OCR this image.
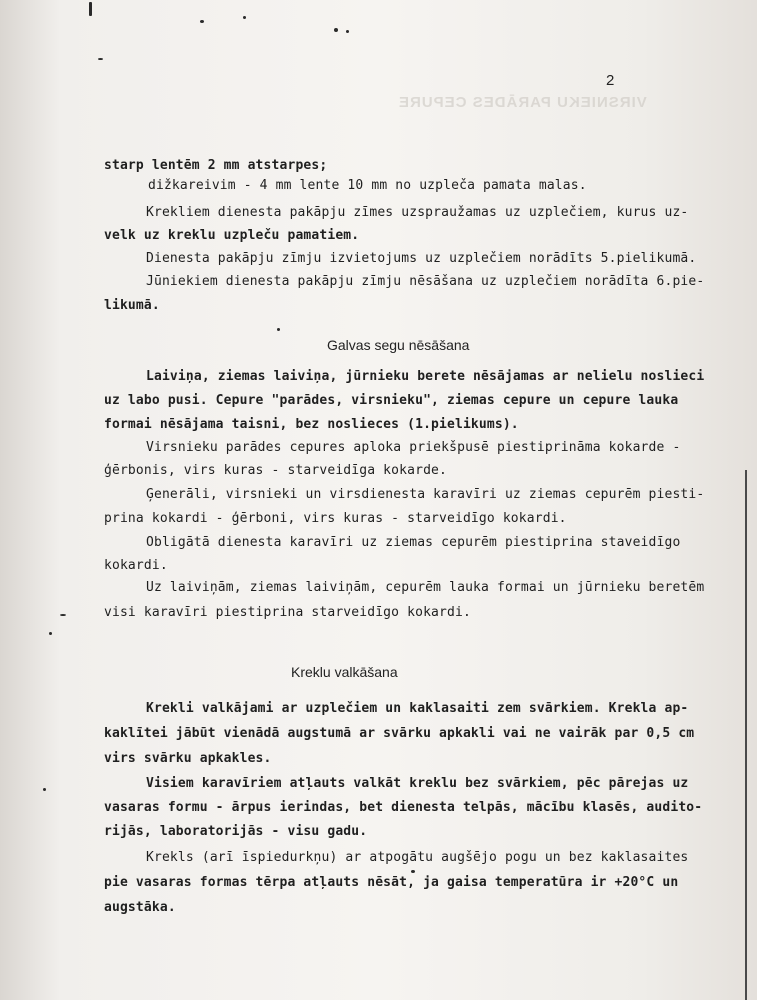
VIRSNIEKU PARĀDES CEPURE
2
starp lentēm 2 mm atstarpes;
dižkareivim - 4 mm lente 10 mm no uzpleča pamata malas.
Krekliem dienesta pakāpju zīmes uzspraužamas uz uzplečiem, kurus uz-
velk uz kreklu uzpleču pamatiem.
Dienesta pakāpju zīmju izvietojums uz uzplečiem norādīts 5.pielikumā.
Jūniekiem dienesta pakāpju zīmju nēsāšana uz uzplečiem norādīta 6.pie-
likumā.
Galvas segu nēsāšana
Laiviņa, ziemas laiviņa, jūrnieku berete nēsājamas ar nelielu noslieci
uz labo pusi. Cepure "parādes, virsnieku", ziemas cepure un cepure lauka
formai nēsājama taisni, bez noslieces (1.pielikums).
Virsnieku parādes cepures aploka priekšpusē piestiprināma kokarde -
ģērbonis, virs kuras - starveidīga kokarde.
Ģenerāli, virsnieki un virsdienesta karavīri uz ziemas cepurēm piesti-
prina kokardi - ģērboni, virs kuras - starveidīgo kokardi.
Obligātā dienesta karavīri uz ziemas cepurēm piestiprina staveidīgo
kokardi.
Uz laiviņām, ziemas laiviņām, cepurēm lauka formai un jūrnieku beretēm
visi karavīri piestiprina starveidīgo kokardi.
Kreklu valkāšana
Krekli valkājami ar uzplečiem un kaklasaiti zem svārkiem. Krekla ap-
kaklītei jābūt vienādā augstumā ar svārku apkakli vai ne vairāk par 0,5 cm
virs svārku apkakles.
Visiem karavīriem atļauts valkāt kreklu bez svārkiem, pēc pārejas uz
vasaras formu - ārpus ierindas, bet dienesta telpās, mācību klasēs, audito-
rijās, laboratorijās - visu gadu.
Krekls (arī īspiedurkņu) ar atpogātu augšējo pogu un bez kaklasaites
pie vasaras formas tērpa atļauts nēsāt, ja gaisa temperatūra ir +20°C un
augstāka.
